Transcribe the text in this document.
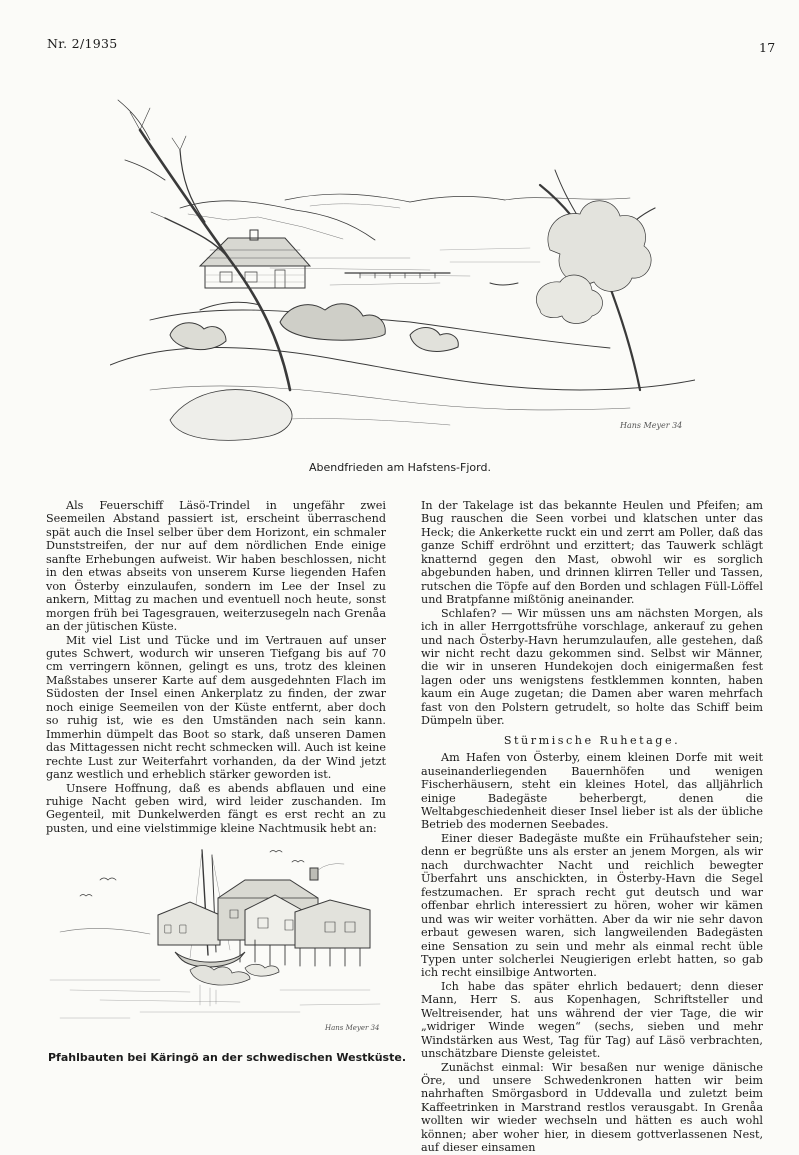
Nr. 2/1935	17
Hans Meyer 34
Abendfrieden am Hafstens-Fjord.

Als Feuerschiff Läsö-Trindel in ungefähr zwei Seemeilen Abstand passiert ist, erscheint überraschend spät auch die Insel selber über dem Horizont, ein schmaler Dunststreifen, der nur auf dem nördlichen Ende einige sanfte Erhebungen aufweist. Wir haben beschlossen, nicht in den etwas abseits von unserem Kurse liegenden Hafen von Österby einzulaufen, sondern im Lee der Insel zu ankern, Mittag zu machen und eventuell noch heute, sonst morgen früh bei Tagesgrauen, weiterzusegeln nach Grenåa an der jütischen Küste.

Mit viel List und Tücke und im Vertrauen auf unser gutes Schwert, wodurch wir unseren Tiefgang bis auf 70 cm verringern können, gelingt es uns, trotz des kleinen Maßstabes unserer Karte auf dem ausgedehnten Flach im Südosten der Insel einen Ankerplatz zu finden, der zwar noch einige Seemeilen von der Küste entfernt, aber doch so ruhig ist, wie es den Umständen nach sein kann. Immerhin dümpelt das Boot so stark, daß unseren Damen das Mittagessen nicht recht schmecken will. Auch ist keine rechte Lust zur Weiterfahrt vorhanden, da der Wind jetzt ganz westlich und erheblich stärker geworden ist.

Unsere Hoffnung, daß es abends abflauen und eine ruhige Nacht geben wird, wird leider zuschanden. Im Gegenteil, mit Dunkelwerden fängt es erst recht an zu pusten, und eine vielstimmige kleine Nachtmusik hebt an:

In der Takelage ist das bekannte Heulen und Pfeifen; am Bug rauschen die Seen vorbei und klatschen unter das Heck; die Ankerkette ruckt ein und zerrt am Poller, daß das ganze Schiff erdröhnt und erzittert; das Tauwerk schlägt knatternd gegen den Mast, obwohl wir es sorglich abgebunden haben, und drinnen klirren Teller und Tassen, rutschen die Töpfe auf den Borden und schlagen Füll-Löffel und Bratpfanne mißtönig aneinander.

Schlafen? — Wir müssen uns am nächsten Morgen, als ich in aller Herrgottsfrühe vorschlage, ankerauf zu gehen und nach Österby-Havn herumzulaufen, alle gestehen, daß wir nicht recht dazu gekommen sind. Selbst wir Männer, die wir in unseren Hundekojen doch einigermaßen fest lagen oder uns wenigstens festklemmen konnten, haben kaum ein Auge zugetan; die Damen aber waren mehrfach fast von den Polstern getrudelt, so holte das Schiff beim Dümpeln über.

Stürmische Ruhetage.

Am Hafen von Österby, einem kleinen Dorfe mit weit auseinanderliegenden Bauernhöfen und wenigen Fischerhäusern, steht ein kleines Hotel, das alljährlich einige Badegäste beherbergt, denen die Weltabgeschiedenheit dieser Insel lieber ist als der übliche Betrieb des modernen Seebades.

Einer dieser Badegäste mußte ein Frühaufsteher sein; denn er begrüßte uns als erster an jenem Morgen, als wir nach durchwachter Nacht und reichlich bewegter Überfahrt uns anschickten, in Österby-Havn die Segel festzumachen. Er sprach recht gut deutsch und war offenbar ehrlich interessiert zu hören, woher wir kämen und was wir weiter vorhätten. Aber da wir nie sehr davon erbaut gewesen waren, sich langweilenden Badegästen eine Sensation zu sein und mehr als einmal recht üble Typen unter solcherlei Neugierigen erlebt hatten, so gab ich recht einsilbige Antworten.

Ich habe das später ehrlich bedauert; denn dieser Mann, Herr S. aus Kopenhagen, Schriftsteller und Weltreisender, hat uns während der vier Tage, die wir „widriger Winde wegen“ (sechs, sieben und mehr Windstärken aus West, Tag für Tag) auf Läsö verbrachten, unschätzbare Dienste geleistet.

Zunächst einmal: Wir besaßen nur wenige dänische Öre, und unsere Schwedenkronen hatten wir beim nahrhaften Smörgasbord in Uddevalla und zuletzt beim Kaffeetrinken in Marstrand restlos verausgabt. In Grenåa wollten wir wieder wechseln und hätten es auch wohl können; aber woher hier, in diesem gottverlassenen Nest, auf dieser einsamen

Hans Meyer 34
Pfahlbauten bei Käringö an der schwedischen Westküste.
